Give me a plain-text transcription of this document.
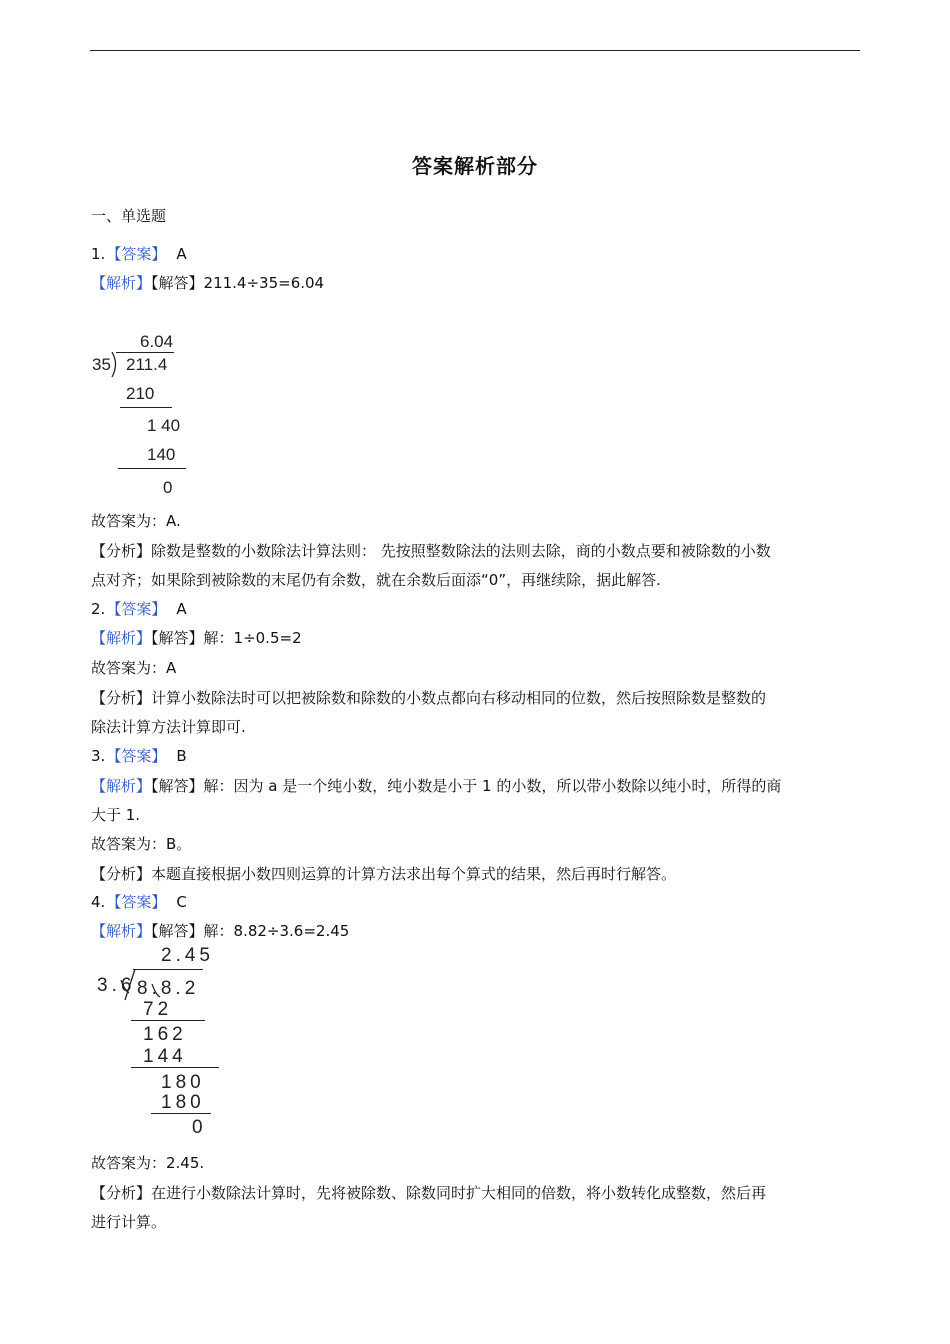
答案解析部分
一、单选题
1.【答案】 A
【解析】【解答】211.4÷35=6.04
6.04
35 211.4
210
1 40
140
0
故答案为：A.
【分析】除数是整数的小数除法计算法则： 先按照整数除法的法则去除，商的小数点要和被除数的小数
点对齐；如果除到被除数的末尾仍有余数，就在余数后面添“0”，再继续除，据此解答.
2.【答案】 A
【解析】【解答】解：1÷0.5=2
故答案为：A
【分析】计算小数除法时可以把被除数和除数的小数点都向右移动相同的位数，然后按照除数是整数的
除法计算方法计算即可.
3.【答案】 B
【解析】【解答】解：因为 a 是一个纯小数，纯小数是小于 1 的小数，所以带小数除以纯小时，所得的商
大于 1.
故答案为：B。
【分析】本题直接根据小数四则运算的计算方法求出每个算式的结果，然后再时行解答。
4.【答案】 C
【解析】【解答】解：8.82÷3.6=2.45
2.45
3.6 8.8.2
72
162
144
180
180
0
故答案为：2.45.
【分析】在进行小数除法计算时，先将被除数、除数同时扩大相同的倍数，将小数转化成整数，然后再
进行计算。
